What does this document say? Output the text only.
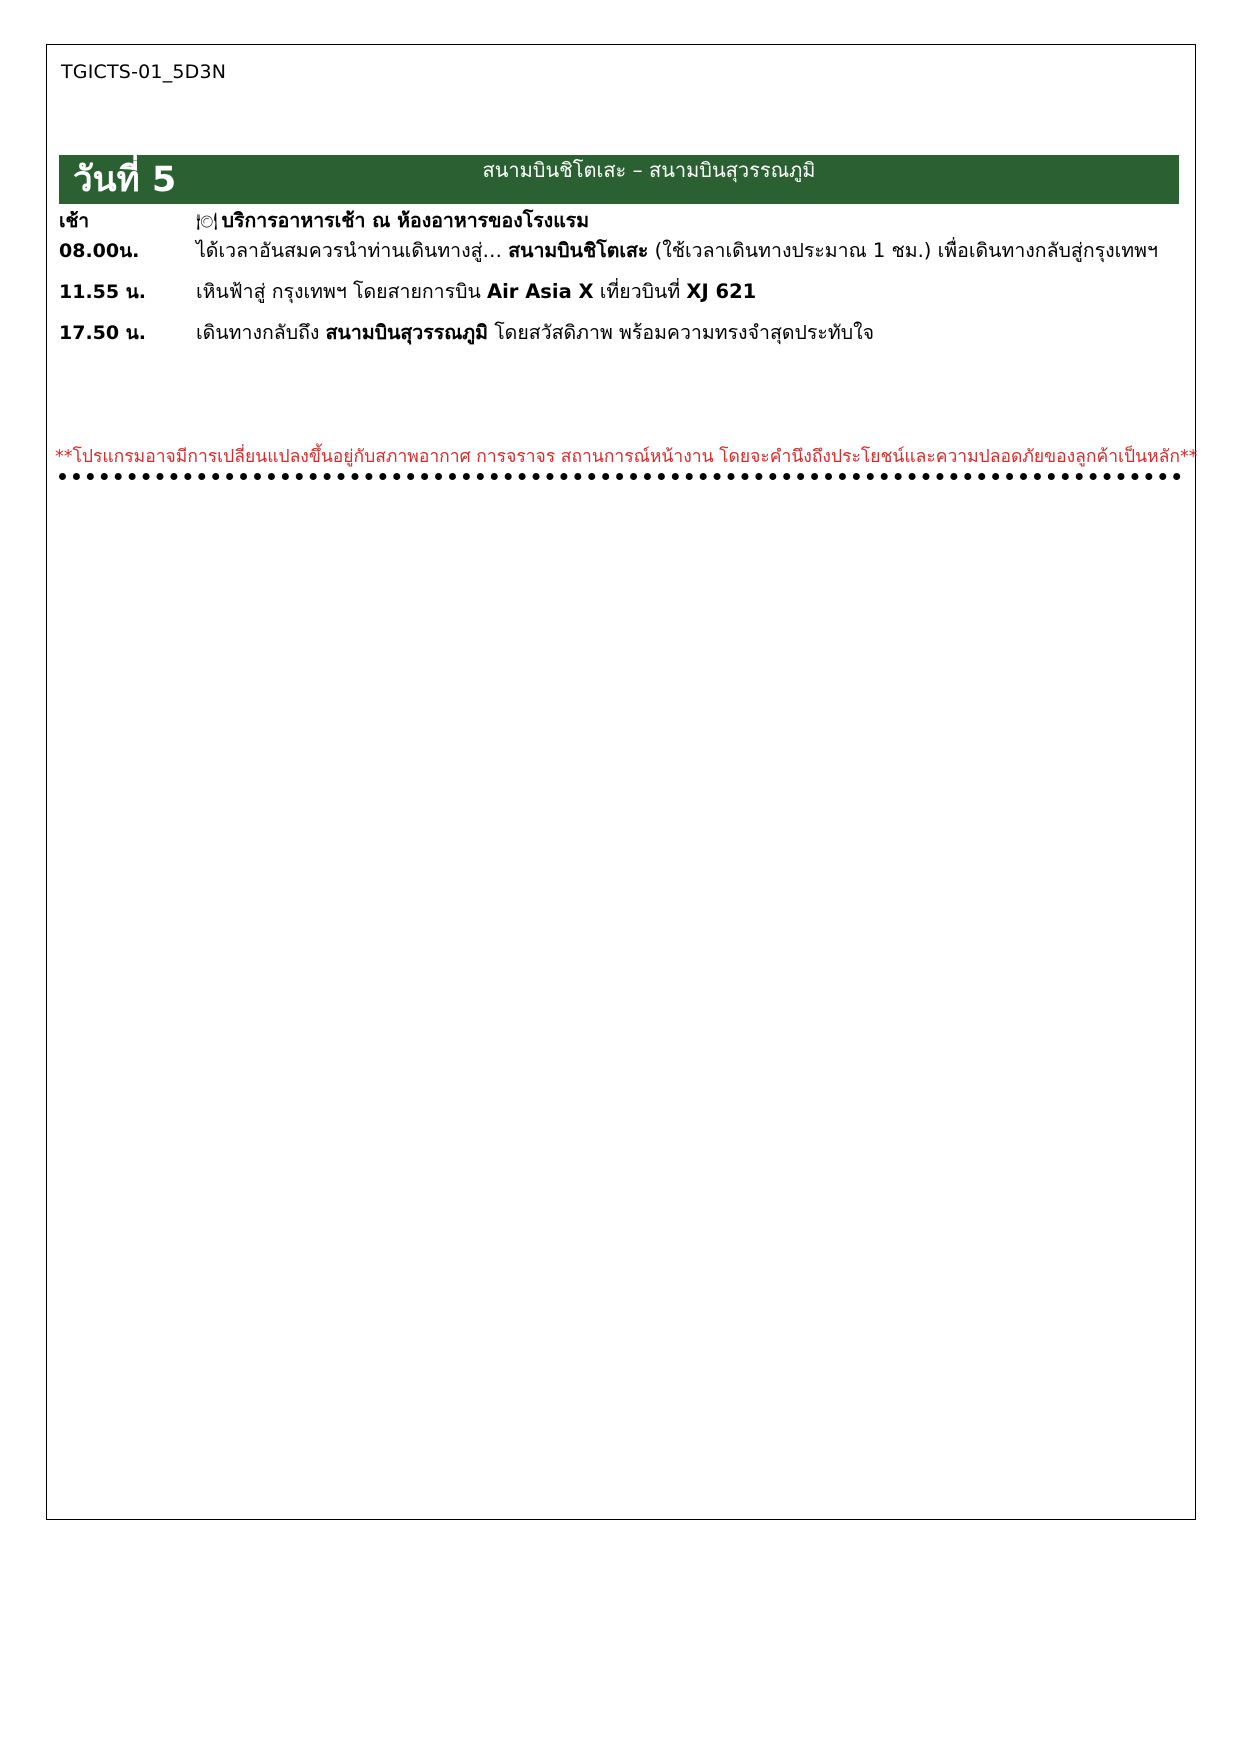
TGICTS-01_5D3N
วันที่ 5	สนามบินชิโตเสะ – สนามบินสุวรรณภูมิ
เช้า	🍽 บริการอาหารเช้า ณ ห้องอาหารของโรงแรม
08.00น.	ได้เวลาอันสมควรนำท่านเดินทางสู่… สนามบินชิโตเสะ (ใช้เวลาเดินทางประมาณ 1 ชม.) เพื่อเดินทางกลับสู่กรุงเทพฯ
11.55 น.	เหินฟ้าสู่ กรุงเทพฯ โดยสายการบิน Air Asia X เที่ยวบินที่ XJ 621
17.50 น.	เดินทางกลับถึง สนามบินสุวรรณภูมิ โดยสวัสดิภาพ พร้อมความทรงจำสุดประทับใจ
**โปรแกรมอาจมีการเปลี่ยนแปลงขึ้นอยู่กับสภาพอากาศ การจราจร สถานการณ์หน้างาน โดยจะคำนึงถึงประโยชน์และความปลอดภัยของลูกค้าเป็นหลัก**
